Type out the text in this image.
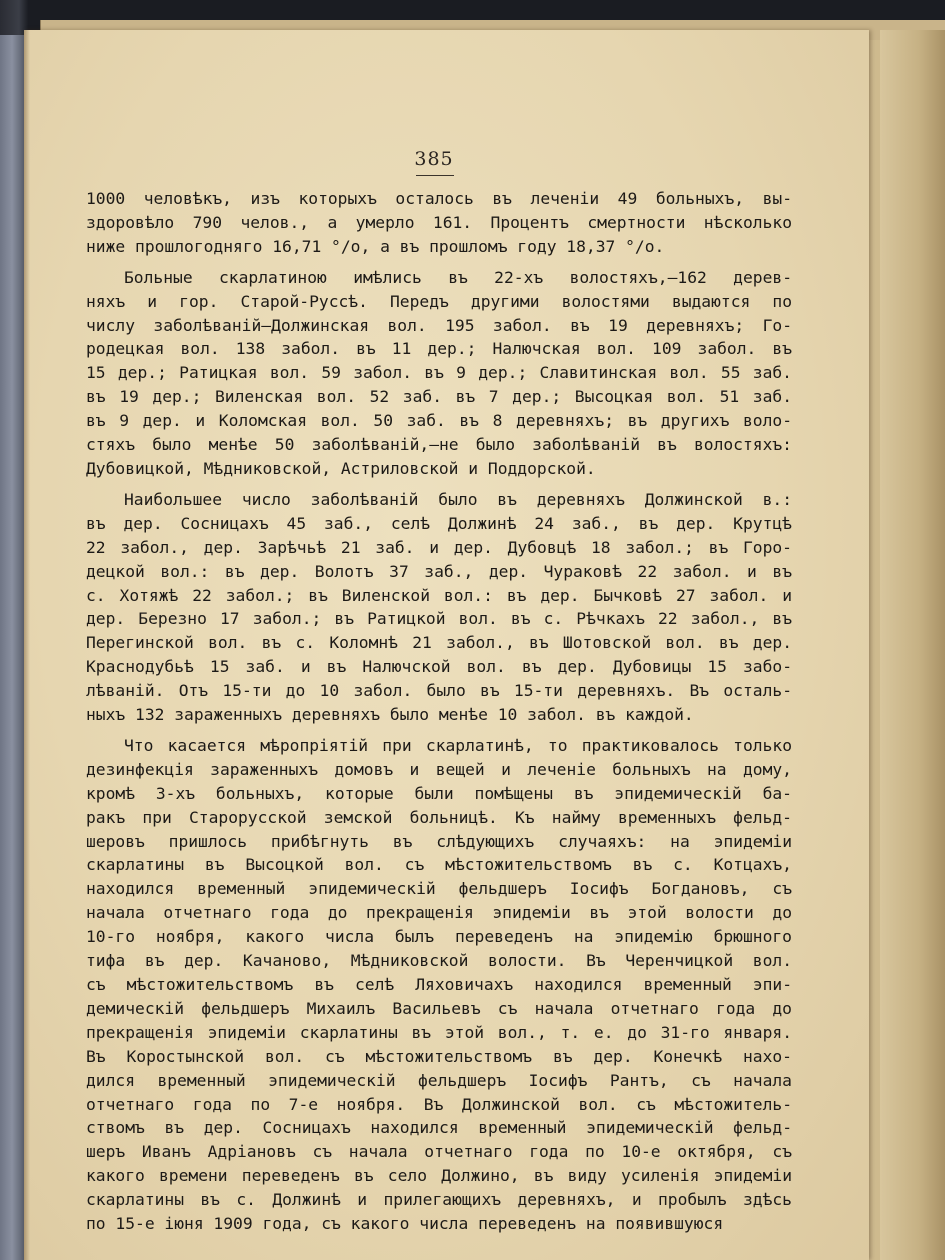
385
1000 человѣкъ, изъ которыхъ осталось въ леченіи 49 больныхъ, вы-
здоровѣло 790 челов., а умерло 161. Процентъ смертности нѣсколько
ниже прошлогодняго 16,71 °/o, а въ прошломъ году 18,37 °/o.
Больные скарлатиною имѣлись въ 22-хъ волостяхъ,—162 дерев-
няхъ и гор. Старой-Руссѣ. Передъ другими волостями выдаются по
числу заболѣваній—Должинская вол. 195 забол. въ 19 деревняхъ; Го-
родецкая вол. 138 забол. въ 11 дер.; Налючская вол. 109 забол. въ
15 дер.; Ратицкая вол. 59 забол. въ 9 дер.; Славитинская вол. 55 заб.
въ 19 дер.; Виленская вол. 52 заб. въ 7 дер.; Высоцкая вол. 51 заб.
въ 9 дер. и Коломская вол. 50 заб. въ 8 деревняхъ; въ другихъ воло-
стяхъ было менѣе 50 заболѣваній,—не было заболѣваній въ волостяхъ:
Дубовицкой, Мѣдниковской, Астриловской и Поддорской.
Наибольшее число заболѣваній было въ деревняхъ Должинской в.:
въ дер. Сосницахъ 45 заб., селѣ Должинѣ 24 заб., въ дер. Крутцѣ
22 забол., дер. Зарѣчьѣ 21 заб. и дер. Дубовцѣ 18 забол.; въ Горо-
децкой вол.: въ дер. Волотъ 37 заб., дер. Чураковѣ 22 забол. и въ
с. Хотяжѣ 22 забол.; въ Виленской вол.: въ дер. Бычковѣ 27 забол. и
дер. Березно 17 забол.; въ Ратицкой вол. въ с. Рѣчкахъ 22 забол., въ
Перегинской вол. въ с. Коломнѣ 21 забол., въ Шотовской вол. въ дер.
Краснодубьѣ 15 заб. и въ Налючской вол. въ дер. Дубовицы 15 забо-
лѣваній. Отъ 15-ти до 10 забол. было въ 15-ти деревняхъ. Въ осталь-
ныхъ 132 зараженныхъ деревняхъ было менѣе 10 забол. въ каждой.
Что касается мѣропріятій при скарлатинѣ, то практиковалось только
дезинфекція зараженныхъ домовъ и вещей и леченіе больныхъ на дому,
кромѣ 3-хъ больныхъ, которые были помѣщены въ эпидемическій ба-
ракъ при Старорусской земской больницѣ. Къ найму временныхъ фельд-
шеровъ пришлось прибѣгнуть въ слѣдующихъ случаяхъ: на эпидеміи
скарлатины въ Высоцкой вол. съ мѣстожительствомъ въ с. Котцахъ,
находился временный эпидемическій фельдшеръ Іосифъ Богдановъ, съ
начала отчетнаго года до прекращенія эпидеміи въ этой волости до
10-го ноября, какого числа былъ переведенъ на эпидемію брюшного
тифа въ дер. Качаново, Мѣдниковской волости. Въ Черенчицкой вол.
съ мѣстожительствомъ въ селѣ Ляховичахъ находился временный эпи-
демическій фельдшеръ Михаилъ Васильевъ съ начала отчетнаго года до
прекращенія эпидеміи скарлатины въ этой вол., т. е. до 31-го января.
Въ Коростынской вол. съ мѣстожительствомъ въ дер. Конечкѣ нахо-
дился временный эпидемическій фельдшеръ Іосифъ Рантъ, съ начала
отчетнаго года по 7-е ноября. Въ Должинской вол. съ мѣстожитель-
ствомъ въ дер. Сосницахъ находился временный эпидемическій фельд-
шеръ Иванъ Адріановъ съ начала отчетнаго года по 10-е октября, съ
какого времени переведенъ въ село Должино, въ виду усиленія эпидеміи
скарлатины въ с. Должинѣ и прилегающихъ деревняхъ, и пробылъ здѣсь
по 15-е іюня 1909 года, съ какого числа переведенъ на появившуюся
